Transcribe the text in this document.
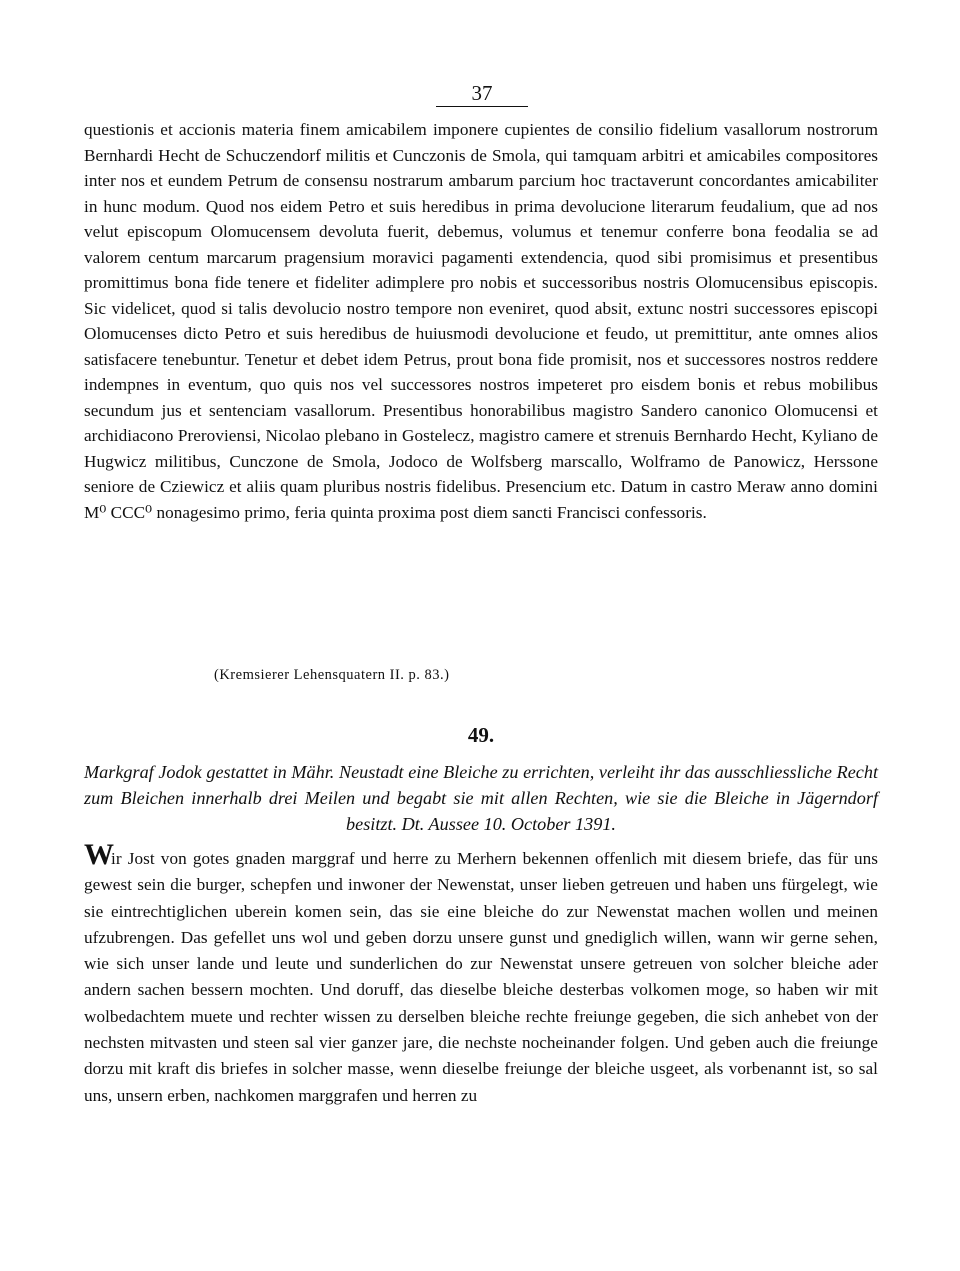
37

questionis et accionis materia finem amicabilem imponere cupientes de consilio fidelium vasallorum nostrorum Bernhardi Hecht de Schuczendorf militis et Cunczonis de Smola, qui tamquam arbitri et amicabiles compositores inter nos et eundem Petrum de consensu nostrarum ambarum parcium hoc tractaverunt concordantes amicabiliter in hunc modum. Quod nos eidem Petro et suis heredibus in prima devolucione literarum feudalium, que ad nos velut episcopum Olomucensem devoluta fuerit, debemus, volumus et tenemur conferre bona feodalia se ad valorem centum marcarum pragensium moravici pagamenti extendencia, quod sibi promisimus et presentibus promittimus bona fide tenere et fideliter adimplere pro nobis et successoribus nostris Olomucensibus episcopis. Sic videlicet, quod si talis devolucio nostro tempore non eveniret, quod absit, extunc nostri successores episcopi Olomucenses dicto Petro et suis heredibus de huiusmodi devolucione et feudo, ut premittitur, ante omnes alios satisfacere tenebuntur. Tenetur et debet idem Petrus, prout bona fide promisit, nos et successores nostros reddere indempnes in eventum, quo quis nos vel successores nostros impeteret pro eisdem bonis et rebus mobilibus secundum jus et sentenciam vasallorum. Presentibus honorabilibus magistro Sandero canonico Olomucensi et archidiacono Preroviensi, Nicolao plebano in Gostelecz, magistro camere et strenuis Bernhardo Hecht, Kyliano de Hugwicz militibus, Cunczone de Smola, Jodoco de Wolfsberg marscallo, Wolframo de Panowicz, Herssone seniore de Cziewicz et aliis quam pluribus nostris fidelibus. Presencium etc. Datum in castro Meraw anno domini M⁰ CCC⁰ nonagesimo primo, feria quinta proxima post diem sancti Francisci confessoris.

(Kremsierer Lehensquatern II. p. 83.)
49.

Markgraf Jodok gestattet in Mähr. Neustadt eine Bleiche zu errichten, verleiht ihr das ausschliessliche Recht zum Bleichen innerhalb drei Meilen und begabt sie mit allen Rechten, wie sie die Bleiche in Jägerndorf besitzt. Dt. Aussee 10. October 1391.

Wir Jost von gotes gnaden marggraf und herre zu Merhern bekennen offenlich mit diesem briefe, das für uns gewest sein die burger, schepfen und inwoner der Newenstat, unser lieben getreuen und haben uns fürgelegt, wie sie eintrechtiglichen uberein komen sein, das sie eine bleiche do zur Newenstat machen wollen und meinen ufzubrengen. Das gefellet uns wol und geben dorzu unsere gunst und gnediglich willen, wann wir gerne sehen, wie sich unser lande und leute und sunderlichen do zur Newenstat unsere getreuen von solcher bleiche ader andern sachen bessern mochten. Und doruff, das dieselbe bleiche desterbas volkomen moge, so haben wir mit wolbedachtem muete und rechter wissen zu derselben bleiche rechte freiunge gegeben, die sich anhebet von der nechsten mitvasten und steen sal vier ganzer jare, die nechste nocheinander folgen. Und geben auch die freiunge dorzu mit kraft dis briefes in solcher masse, wenn dieselbe freiunge der bleiche usgeet, als vorbenannt ist, so sal uns, unsern erben, nachkomen marggrafen und herren zu
